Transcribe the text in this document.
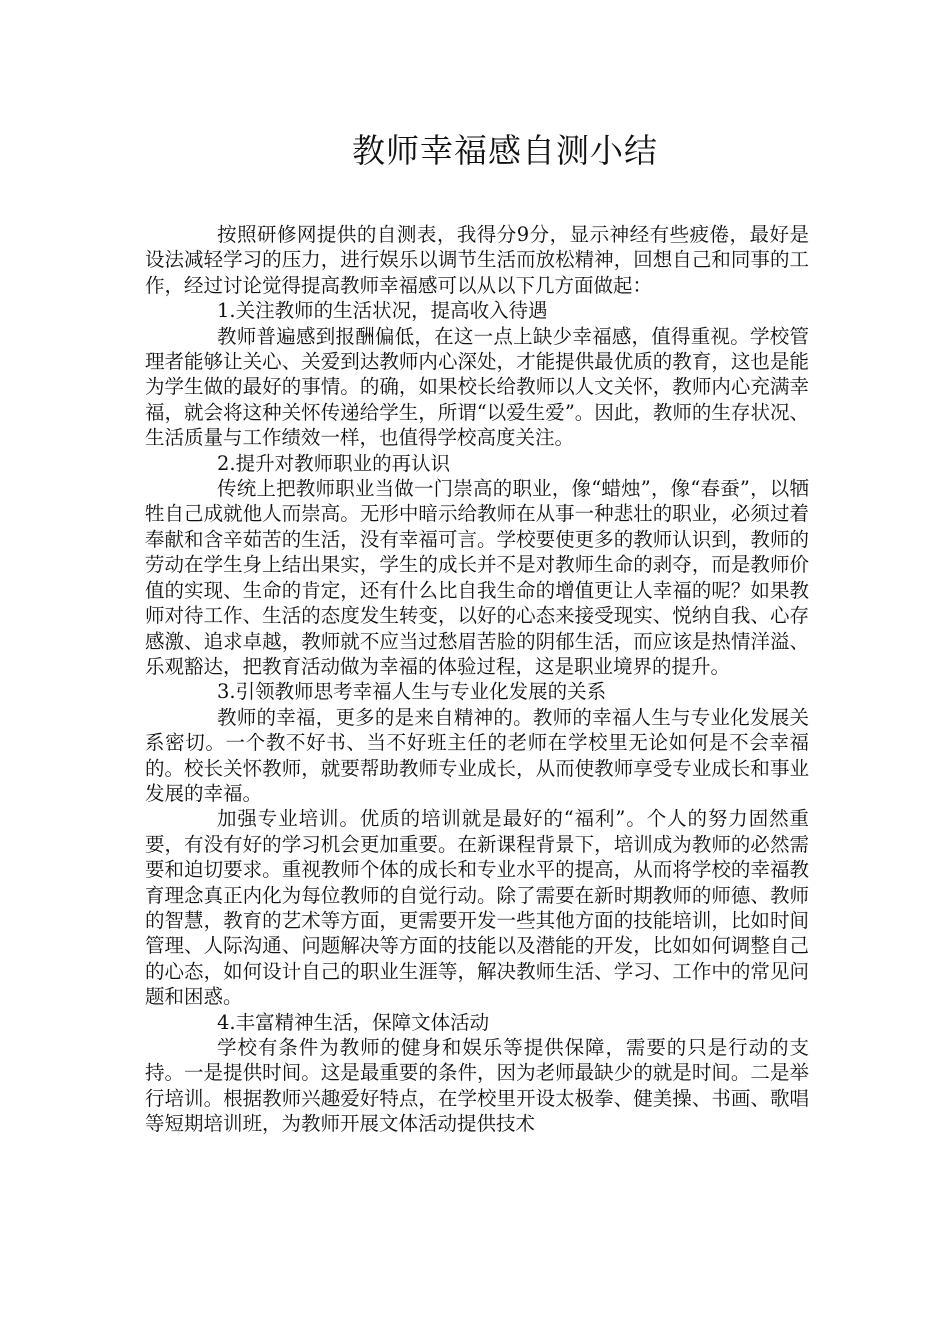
教师幸福感自测小结

按照研修网提供的自测表，我得分9分，显示神经有些疲倦，最好是设法减轻学习的压力，进行娱乐以调节生活而放松精神，回想自己和同事的工作，经过讨论觉得提高教师幸福感可以从以下几方面做起：

1.关注教师的生活状况，提高收入待遇

教师普遍感到报酬偏低，在这一点上缺少幸福感，值得重视。学校管理者能够让关心、关爱到达教师内心深处，才能提供最优质的教育，这也是能为学生做的最好的事情。的确，如果校长给教师以人文关怀，教师内心充满幸福，就会将这种关怀传递给学生，所谓“以爱生爱”。因此，教师的生存状况、生活质量与工作绩效一样，也值得学校高度关注。

2.提升对教师职业的再认识

传统上把教师职业当做一门崇高的职业，像“蜡烛”，像“春蚕”，以牺牲自己成就他人而崇高。无形中暗示给教师在从事一种悲壮的职业，必须过着奉献和含辛茹苦的生活，没有幸福可言。学校要使更多的教师认识到，教师的劳动在学生身上结出果实，学生的成长并不是对教师生命的剥夺，而是教师价值的实现、生命的肯定，还有什么比自我生命的增值更让人幸福的呢？如果教师对待工作、生活的态度发生转变，以好的心态来接受现实、悦纳自我、心存感激、追求卓越，教师就不应当过愁眉苦脸的阴郁生活，而应该是热情洋溢、乐观豁达，把教育活动做为幸福的体验过程，这是职业境界的提升。

3.引领教师思考幸福人生与专业化发展的关系

教师的幸福，更多的是来自精神的。教师的幸福人生与专业化发展关系密切。一个教不好书、当不好班主任的老师在学校里无论如何是不会幸福的。校长关怀教师，就要帮助教师专业成长，从而使教师享受专业成长和事业发展的幸福。

加强专业培训。优质的培训就是最好的“福利”。个人的努力固然重要，有没有好的学习机会更加重要。在新课程背景下，培训成为教师的必然需要和迫切要求。重视教师个体的成长和专业水平的提高，从而将学校的幸福教育理念真正内化为每位教师的自觉行动。除了需要在新时期教师的师德、教师的智慧，教育的艺术等方面，更需要开发一些其他方面的技能培训，比如时间管理、人际沟通、问题解决等方面的技能以及潜能的开发，比如如何调整自己的心态，如何设计自己的职业生涯等，解决教师生活、学习、工作中的常见问题和困惑。

4.丰富精神生活，保障文体活动

学校有条件为教师的健身和娱乐等提供保障，需要的只是行动的支持。一是提供时间。这是最重要的条件，因为老师最缺少的就是时间。二是举行培训。根据教师兴趣爱好特点，在学校里开设太极拳、健美操、书画、歌唱等短期培训班，为教师开展文体活动提供技术
